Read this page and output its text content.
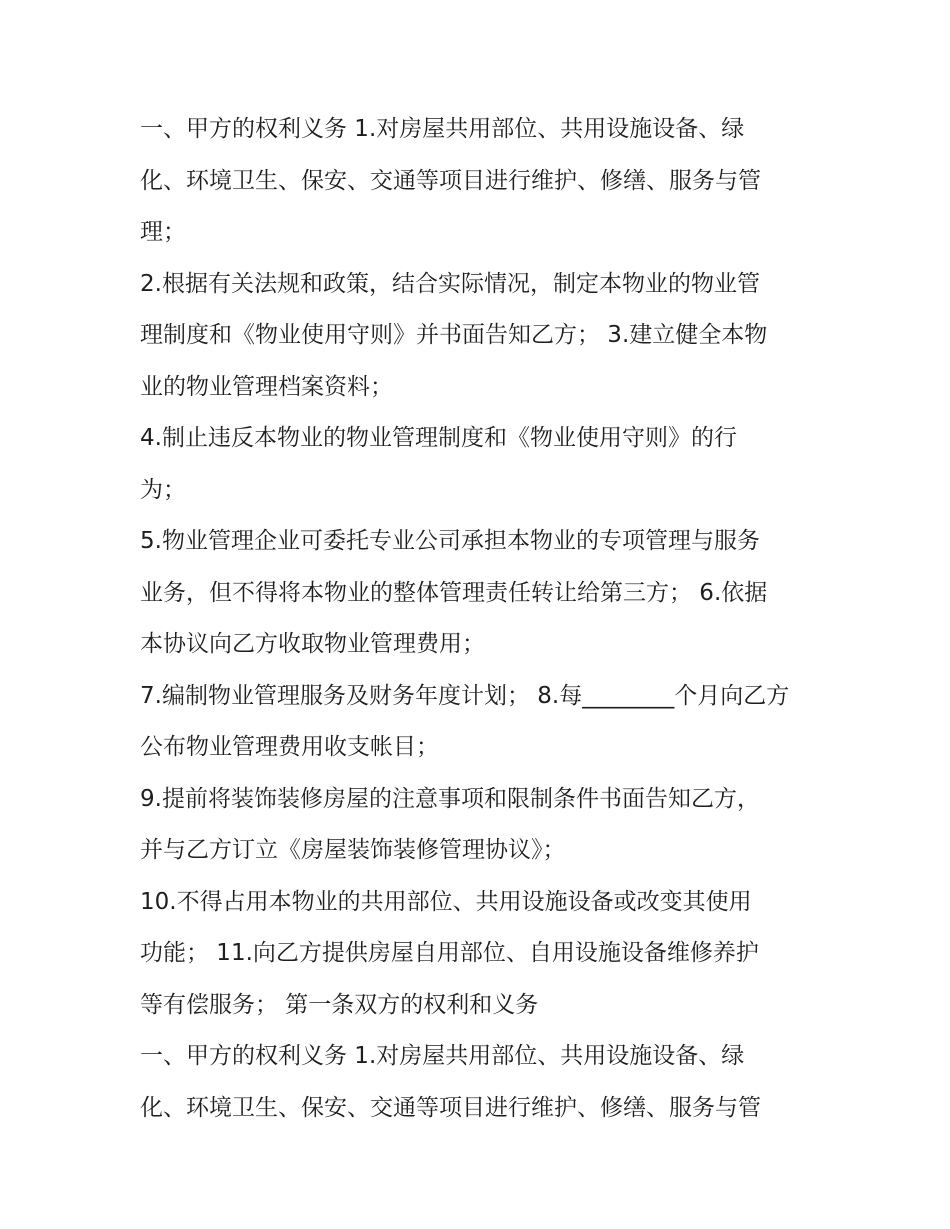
一、甲方的权利义务 1.对房屋共用部位、共用设施设备、绿
化、环境卫生、保安、交通等项目进行维护、修缮、服务与管
理；
2.根据有关法规和政策，结合实际情况，制定本物业的物业管
理制度和《物业使用守则》并书面告知乙方； 3.建立健全本物
业的物业管理档案资料；
4.制止违反本物业的物业管理制度和《物业使用守则》的行
为；
5.物业管理企业可委托专业公司承担本物业的专项管理与服务
业务，但不得将本物业的整体管理责任转让给第三方； 6.依据
本协议向乙方收取物业管理费用；
7.编制物业管理服务及财务年度计划； 8.每________个月向乙方
公布物业管理费用收支帐目；
9.提前将装饰装修房屋的注意事项和限制条件书面告知乙方，
并与乙方订立《房屋装饰装修管理协议》；
10.不得占用本物业的共用部位、共用设施设备或改变其使用
功能； 11.向乙方提供房屋自用部位、自用设施设备维修养护
等有偿服务； 第一条双方的权利和义务
一、甲方的权利义务 1.对房屋共用部位、共用设施设备、绿
化、环境卫生、保安、交通等项目进行维护、修缮、服务与管
